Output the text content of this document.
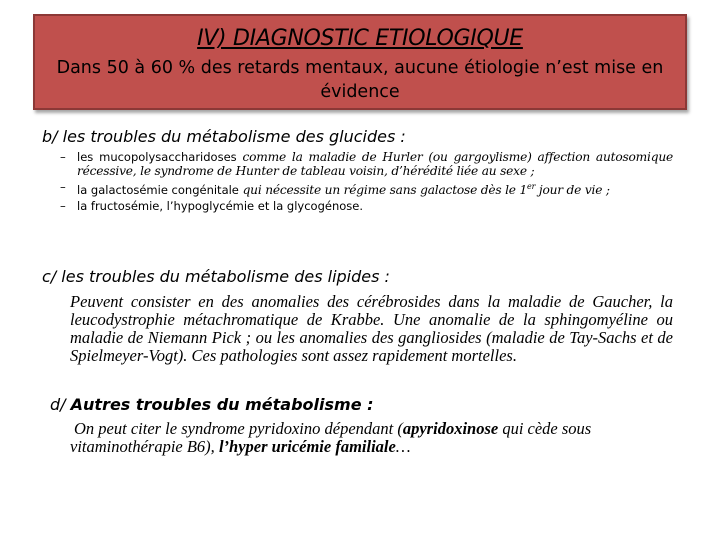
IV) DIAGNOSTIC ETIOLOGIQUE
Dans 50 à 60 % des retards mentaux, aucune étiologie n’est mise en évidence
b/ les troubles du métabolisme des glucides :
– les mucopolysaccharidoses comme la maladie de Hurler (ou gargoylisme) affection autosomique récessive, le syndrome de Hunter de tableau voisin, d’hérédité liée au sexe ;
– la galactosémie congénitale qui nécessite un régime sans galactose dès le 1er jour de vie ;
– la fructosémie, l’hypoglycémie et la glycogénose.
c/ les troubles du métabolisme des lipides :
Peuvent consister en des anomalies des cérébrosides dans la maladie de Gaucher, la leucodystrophie métachromatique de Krabbe. Une anomalie de la sphingomyéline ou maladie de Niemann Pick ; ou les anomalies des gangliosides (maladie de Tay-Sachs et de Spielmeyer-Vogt). Ces pathologies sont assez rapidement mortelles.
d/ Autres troubles du métabolisme :
On peut citer le syndrome pyridoxino dépendant (apyridoxinose qui cède sous vitaminothérapie B6), l’hyper uricémie familiale…
